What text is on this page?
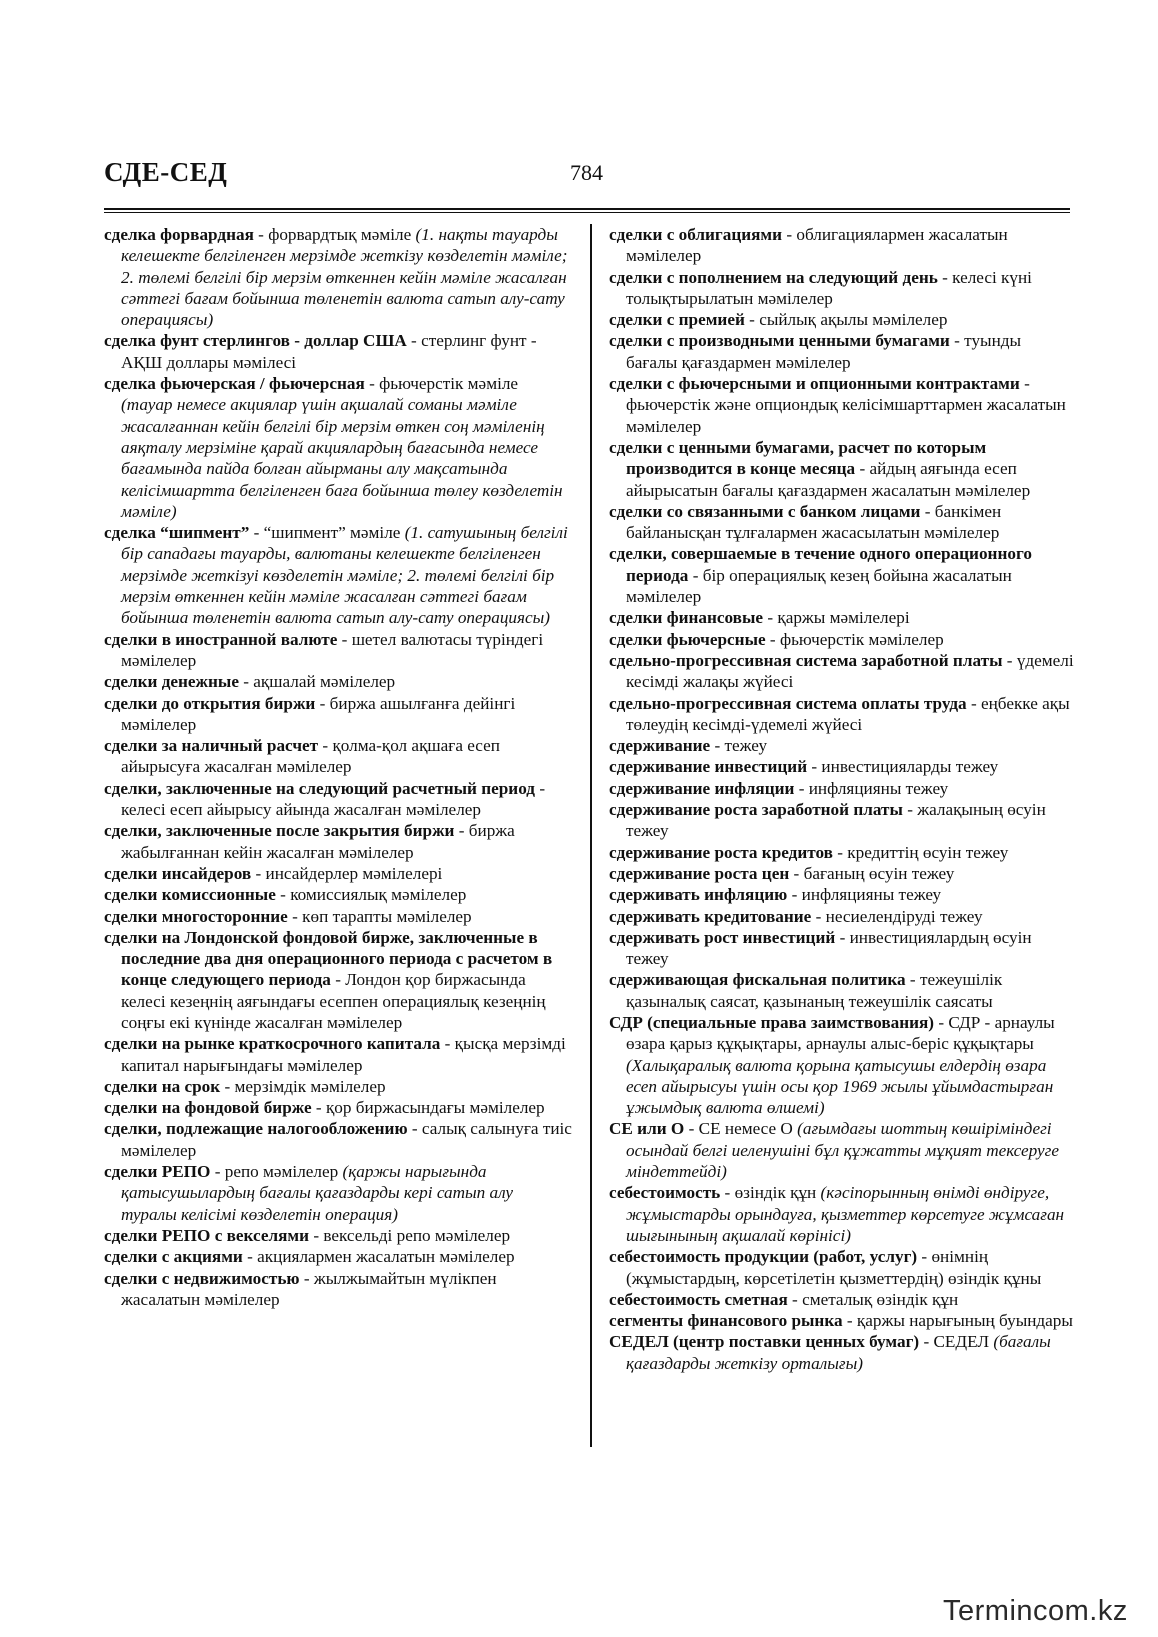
СДЕ-СЕД	784
сделка форвардная - форвардтық мәміле (1. нақты тауарды келешекте белгіленген мерзімде жеткізу көзделетін мәміле; 2. төлемі белгілі бір мерзім өткеннен кейін мәміле жасалған сәттегі бағам бойынша төленетін валюта сатып алу-сату операциясы)
сделка фунт стерлингов - доллар США - стерлинг фунт - АҚШ доллары мәмілесі
сделка фьючерская / фьючерсная - фьючерстік мәміле (тауар немесе акциялар үшін ақшалай соманы мәміле жасалғаннан кейін белгілі бір мерзім өткен соң мәміленің аяқталу мерзіміне қарай акциялардың бағасында немесе бағамында пайда болған айырманы алу мақсатында келісімшартта белгіленген баға бойынша төлеу көзделетін мәміле)
сделка “шипмент” - “шипмент” мәміле (1. сатушының белгілі бір сападағы тауарды, валютаны келешекте белгіленген мерзімде жеткізуі көзделетін мәміле; 2. төлемі белгілі бір мерзім өткеннен кейін мәміле жасалған сәттегі бағам бойынша төленетін валюта сатып алу-сату операциясы)
сделки в иностранной валюте - шетел валютасы түріндегі мәмілелер
сделки денежные - ақшалай мәмілелер
сделки до открытия биржи - биржа ашылғанға дейінгі мәмілелер
сделки за наличный расчет - қолма-қол ақшаға есеп айырысуға жасалған мәмілелер
сделки, заключенные на следующий расчетный период - келесі есеп айырысу айында жасалған мәмілелер
сделки, заключенные после закрытия биржи - биржа жабылғаннан кейін жасалған мәмілелер
сделки инсайдеров - инсайдерлер мәмілелері
сделки комиссионные - комиссиялық мәмілелер
сделки многосторонние - көп тарапты мәмілелер
сделки на Лондонской фондовой бирже, заключенные в последние два дня операционного периода с расчетом в конце следующего периода - Лондон қор биржасында келесі кезеңнің аяғындағы есеппен операциялық кезеңнің соңғы екі күнінде жасалған мәмілелер
сделки на рынке краткосрочного капитала - қысқа мерзімді капитал нарығындағы мәмілелер
сделки на срок - мерзімдік мәмілелер
сделки на фондовой бирже - қор биржасындағы мәмілелер
сделки, подлежащие налогообложению - салық салынуға тиіс мәмілелер
сделки РЕПО - репо мәмілелер (қаржы нарығында қатысушылардың бағалы қағаздарды кері сатып алу туралы келісімі көзделетін операция)
сделки РЕПО с векселями - вексельді репо мәмілелер
сделки с акциями - акциялармен жасалатын мәмілелер
сделки с недвижимостью - жылжымайтын мүлікпен жасалатын мәмілелер
сделки с облигациями - облигациялармен жасалатын мәмілелер
сделки с пополнением на следующий день - келесі күні толықтырылатын мәмілелер
сделки с премией - сыйлық ақылы мәмілелер
сделки с производными ценными бумагами - туынды бағалы қағаздармен мәмілелер
сделки с фьючерсными и опционными контрактами - фьючерстік және опциондық келісімшарттармен жасалатын мәмілелер
сделки с ценными бумагами, расчет по которым производится в конце месяца - айдың аяғында есеп айырысатын бағалы қағаздармен жасалатын мәмілелер
сделки со связанными с банком лицами - банкімен байланысқан тұлғалармен жасасылатын мәмілелер
сделки, совершаемые в течение одного операционного периода - бір операциялық кезең бойына жасалатын мәмілелер
сделки финансовые - қаржы мәмілелері
сделки фьючерсные - фьючерстік мәмілелер
сдельно-прогрессивная система заработной платы - үдемелі кесімді жалақы жүйесі
сдельно-прогрессивная система оплаты труда - еңбекке ақы төлеудің кесімді-үдемелі жүйесі
сдерживание - тежеу
сдерживание инвестиций - инвестицияларды тежеу
сдерживание инфляции - инфляцияны тежеу
сдерживание роста заработной платы - жалақының өсуін тежеу
сдерживание роста кредитов - кредиттің өсуін тежеу
сдерживание роста цен - бағаның өсуін тежеу
сдерживать инфляцию - инфляцияны тежеу
сдерживать кредитование - несиелендіруді тежеу
сдерживать рост инвестиций - инвестициялардың өсуін тежеу
сдерживающая фискальная политика - тежеушілік қазыналық саясат, қазынаның тежеушілік саясаты
СДР (специальные права заимствования) - СДР - арнаулы өзара қарыз құқықтары, арнаулы алыс-беріс құқықтары (Халықаралық валюта қорына қатысушы елдердің өзара есеп айырысуы үшін осы қор 1969 жылы ұйымдастырған ұжымдық валюта өлшемі)
СЕ или О - СЕ немесе О (ағымдағы шоттың көшіріміндегі осындай белгі иеленушіні бұл құжатты мұқият тексеруге міндеттейді)
себестоимость - өзіндік құн (кәсіпорынның өнімді өндіруге, жұмыстарды орындауға, қызметтер көрсетуге жұмсаған шығынының ақшалай көрінісі)
себестоимость продукции (работ, услуг) - өнімнің (жұмыстардың, көрсетілетін қызметтердің) өзіндік құны
себестоимость сметная - сметалық өзіндік құн
сегменты финансового рынка - қаржы нарығының буындары
СЕДЕЛ (центр поставки ценных бумаг) - СЕДЕЛ (бағалы қағаздарды жеткізу орталығы)
Termincom.kz
